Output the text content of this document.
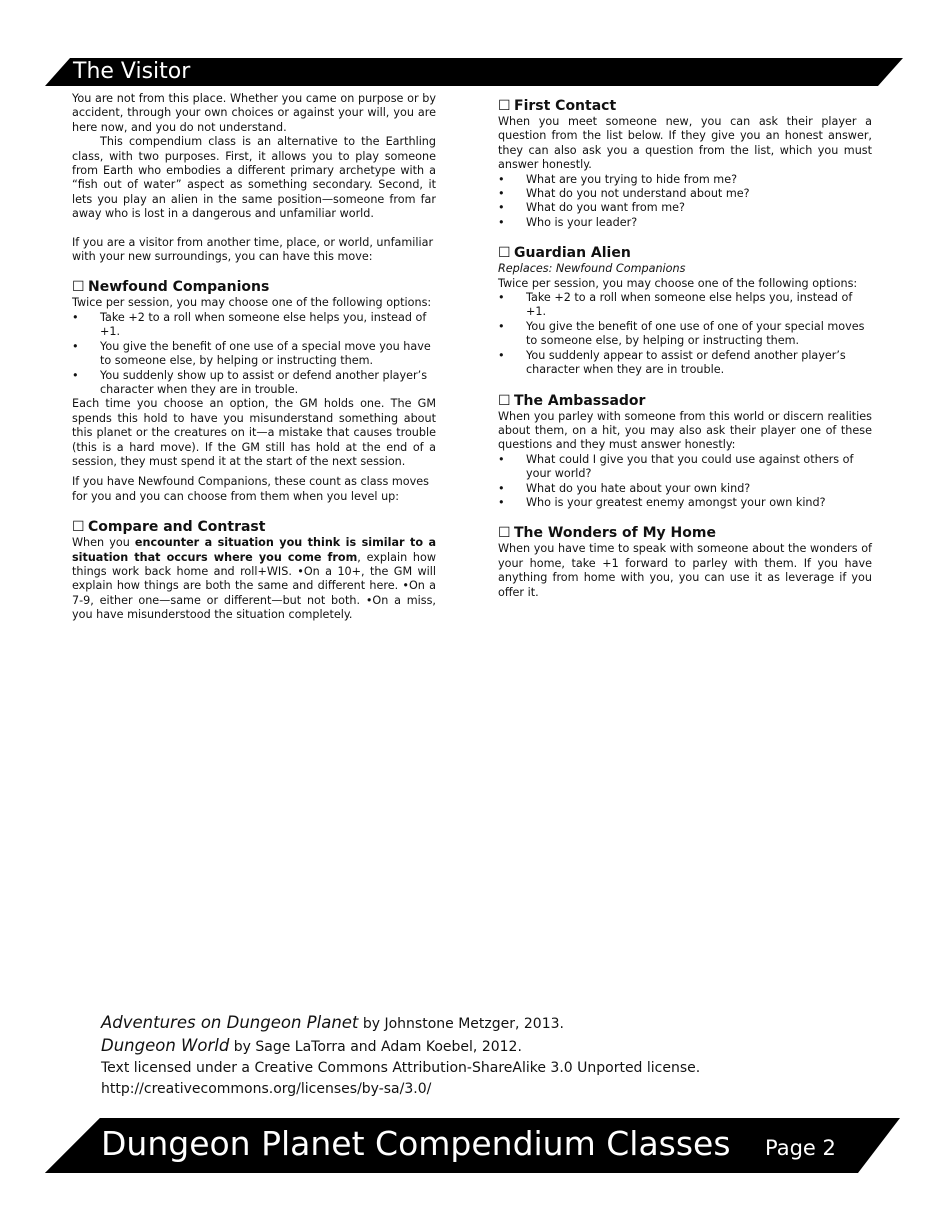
The Visitor

You are not from this place. Whether you came on purpose or by accident, through your own choices or against your will, you are here now, and you do not understand.

This compendium class is an alternative to the Earthling class, with two purposes. First, it allows you to play someone from Earth who embodies a different primary archetype with a “fish out of water” aspect as something secondary. Second, it lets you play an alien in the same position—someone from far away who is lost in a dangerous and unfamiliar world.

If you are a visitor from another time, place, or world, unfamiliar with your new surroundings, you can have this move:

☐ Newfound Companions

Twice per session, you may choose one of the following options:

• Take +2 to a roll when someone else helps you, instead of +1.
• You give the benefit of one use of a special move you have to someone else, by helping or instructing them.
• You suddenly show up to assist or defend another player’s character when they are in trouble.

Each time you choose an option, the GM holds one. The GM spends this hold to have you misunderstand something about this planet or the creatures on it—a mistake that causes trouble (this is a hard move). If the GM still has hold at the end of a session, they must spend it at the start of the next session.

If you have Newfound Companions, these count as class moves for you and you can choose from them when you level up:

☐ Compare and Contrast

When you encounter a situation you think is similar to a situation that occurs where you come from, explain how things work back home and roll+WIS. •On a 10+, the GM will explain how things are both the same and different here. •On a 7-9, either one—same or different—but not both. •On a miss, you have misunderstood the situation completely.

☐ First Contact

When you meet someone new, you can ask their player a question from the list below. If they give you an honest answer, they can also ask you a question from the list, which you must answer honestly.

• What are you trying to hide from me?
• What do you not understand about me?
• What do you want from me?
• Who is your leader?
☐ Guardian Alien

Replaces: Newfound Companions

Twice per session, you may choose one of the following options:

• Take +2 to a roll when someone else helps you, instead of +1.
• You give the benefit of one use of one of your special moves to someone else, by helping or instructing them.
• You suddenly appear to assist or defend another player’s character when they are in trouble.
☐ The Ambassador

When you parley with someone from this world or discern realities about them, on a hit, you may also ask their player one of these questions and they must answer honestly:

• What could I give you that you could use against others of your world?
• What do you hate about your own kind?
• Who is your greatest enemy amongst your own kind?
☐ The Wonders of My Home

When you have time to speak with someone about the wonders of your home, take +1 forward to parley with them. If you have anything from home with you, you can use it as leverage if you offer it.

Adventures on Dungeon Planet by Johnstone Metzger, 2013.
Dungeon World by Sage LaTorra and Adam Koebel, 2012.
Text licensed under a Creative Commons Attribution-ShareAlike 3.0 Unported license.
http://creativecommons.org/licenses/by-sa/3.0/
Dungeon Planet Compendium Classes Page 2
